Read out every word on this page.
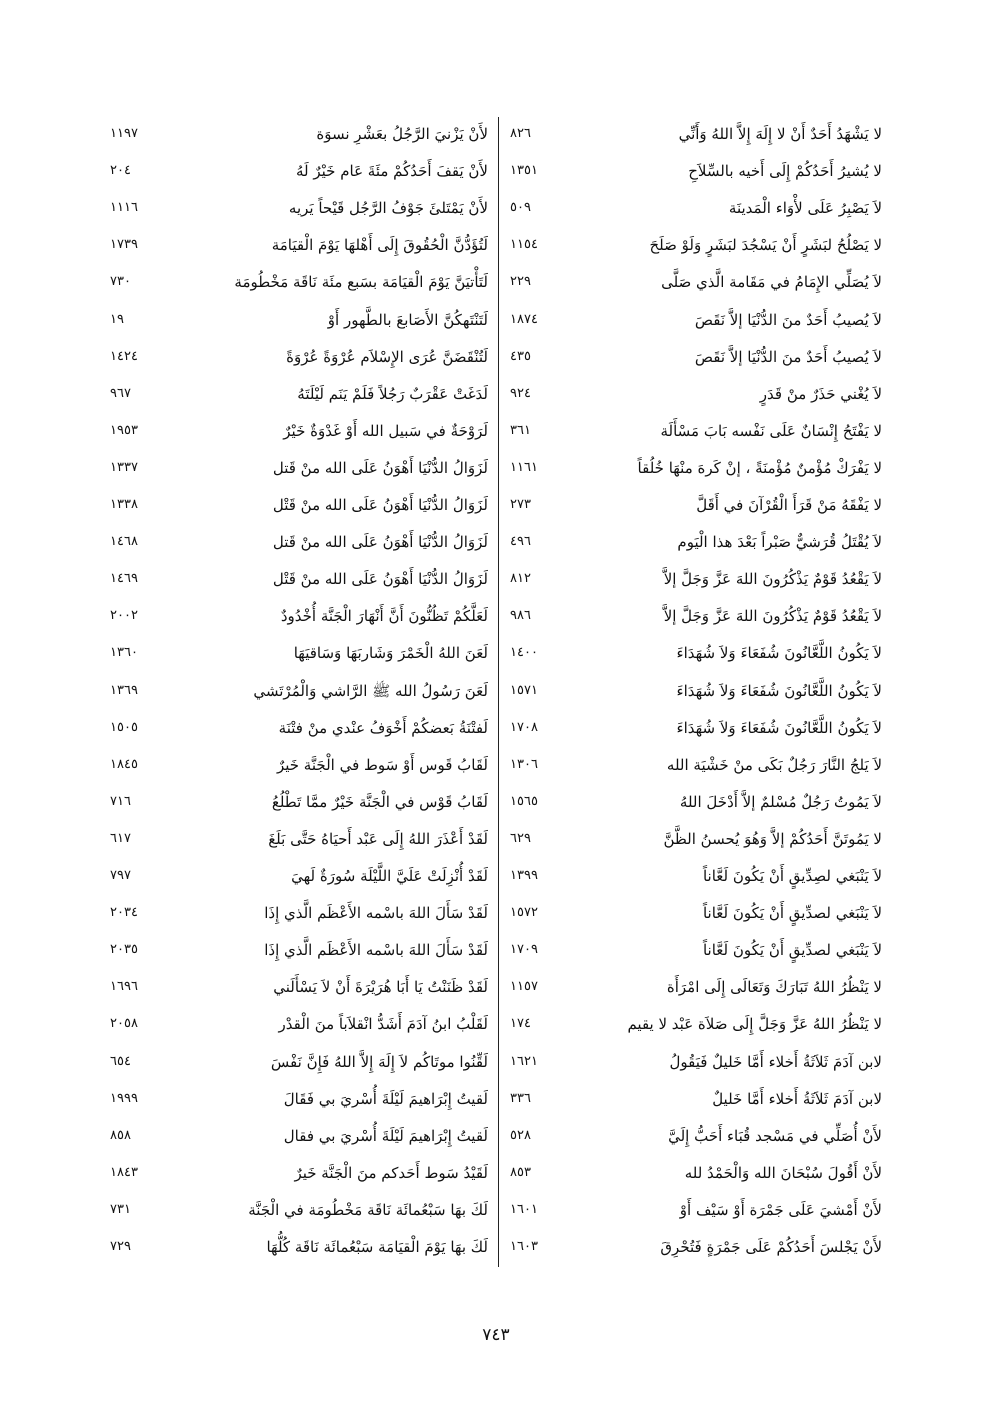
٨٢٦	لا يَشْهَدُ أَحَدٌ أَنْ لا إِلَهَ إِلاَّ اللهُ وَأَنِّي
١٣٥١	لا يُشيرُ أَحَدُكُمْ إِلَى أَخيه بالسِّلاَحِ
٥٠٩	لاَ يَصْبِرُ عَلَى لأْوَاء الْمَدينَة
١١٥٤	لا يَصْلُحُ لبَشَرٍ أَنْ يَسْجُدَ لبَشَرٍ وَلَوْ صَلَحَ
٢٢٩	لاَ يُصَلِّي الإِمَامُ في مَقَامة الَّذي صَلَّى
١٨٧٤	لاَ يُصيبُ أَحَدٌ منَ الدُّنْيَا إلاَّ نَقَصَ
٤٣٥	لاَ يُصيبُ أَحَدٌ منَ الدُّنْيَا إلاَّ نَقَصَ
٩٢٤	لاَ يُغْني حَذَرٌ منْ قَدَرٍ
٣٦١	لا يَفْتَحُ إِنْسَانٌ عَلَى نَفْسه بَابَ مَسْأَلَة
١١٦١	لا يَفْرَكْ مُؤْمنٌ مُؤْمنَةً ، إنْ كَرهَ منْهَا خُلُقاً
٢٧٣	لا يَفْقَهُ مَنْ قَرَأَ الْقُرْآنَ في أَقَلَّ
٤٩٦	لاَ يُقْتَلُ قُرَشيٌّ صَبْراً بَعْدَ هذا الْيَوم
٨١٢	لاَ يَقْعُدُ قَوْمٌ يَذْكُرُونَ اللهَ عَزَّ وَجَلَّ إلاَّ
٩٨٦	لاَ يَقْعُدُ قَوْمٌ يَذْكُرُونَ اللهَ عَزَّ وَجَلَّ إلاَّ
١٤٠٠	لاَ يَكُونُ اللَّعَّانُونَ شُفَعَاءَ وَلاَ شُهَدَاءَ
١٥٧١	لاَ يَكُونُ اللَّعَّانُونَ شُفَعَاءَ وَلاَ شُهَدَاءَ
١٧٠٨	لاَ يَكُونُ اللَّعَّانُونَ شُفَعَاءَ وَلاَ شُهَدَاءَ
١٣٠٦	لاَ يَلجُ النَّارَ رَجُلٌ بَكَى منْ خَشْيَة الله
١٥٦٥	لاَ يَمُوتُ رَجُلٌ مُسْلمٌ إلاَّ أَدْخَلَ اللهُ
٦٢٩	لا يَمُوتَنَّ أَحَدُكُمْ إلاَّ وَهُوَ يُحسنُ الظَّنَّ
١٣٩٩	لاَ يَنْبَغي لصِدِّيقٍ أَنْ يَكُونَ لَعَّاناً
١٥٧٢	لاَ يَنْبَغي لصدِّيقٍ أَنْ يَكُونَ لَعَّاناً
١٧٠٩	لاَ يَنْبَغي لصدِّيقٍ أَنْ يَكُونَ لَعَّاناً
١١٥٧	لا يَنْظُرُ اللهُ تَبَارَكَ وَتَعَالَى إِلَى امْرَأَة
١٧٤	لا يَنْظُرُ اللهُ عَزَّ وَجَلَّ إِلَى صَلاَة عَبْد لا يقيم
١٦٢١	لابن آدَمَ ثَلاَثَةُ أَخلاء أَمَّا خَليلٌ فَيَقُولُ
٣٣٦	لابن آدَمَ ثَلاَثَةُ أَخلاء أَمَّا خَليلٌ
٥٢٨	لأَنْ أُصَلِّي في مَسْجد قُبَاء أَحَبُّ إِلَيَّ
٨٥٣	لأَنْ أَقُولَ سُبْحَانَ الله وَالْحَمْدُ لله
١٦٠١	لأَنْ أَمْشيَ عَلَى جَمْرَة أَوْ سَيْف أَوْ
١٦٠٣	لأَنْ يَجْلسَ أَحَدُكُمْ عَلَى جَمْرَةٍ فَتُحْرِقَ
١١٩٧	لأَنْ يَزْنيَ الرَّجُلُ بعَشْرِ نسوَة
٢٠٤	لأَنْ يَقفَ أَحَدُكُمْ مئَةَ عَام خَيْرٌ لَهُ
١١١٦	لأَنْ يَمْتَلئَ جَوْفُ الرَّجُل قَيْحاً يَريه
١٧٣٩	لَتُؤَدُّنَّ الْحُقُوقَ إِلَى أَهْلهَا يَوْمَ الْقيَامَة
٧٣٠	لَتَأْتيَنَّ يَوْمَ الْقيَامَة بسَبع مئَة نَاقَة مَخْطُومَة
١٩	لَتَنْتَهكُنَّ الأَصَابعَ بالطَّهور أَوْ
١٤٢٤	لَتُنْقَضَنَّ عُرَى الإِسْلاَم عُرْوَةً عُرْوَةً
٩٦٧	لَدَغَتْ عَقْرَبٌ رَجُلاً فَلَمْ يَنَم لَيْلَتَهُ
١٩٥٣	لَرَوْحَةٌ في سَبيل الله أَوْ غَدْوَةٌ خَيْرٌ
١٣٣٧	لَزَوَالُ الدُّنْيَا أَهْوَنُ عَلَى الله منْ قَتل
١٣٣٨	لَزَوَالُ الدُّنْيَا أَهْوَنُ عَلَى الله منْ قَتْل
١٤٦٨	لَزَوَالُ الدُّنْيَا أَهْوَنُ عَلَى الله منْ قَتل
١٤٦٩	لَزَوَالُ الدُّنْيَا أَهْوَنُ عَلَى الله منْ قَتْل
٢٠٠٢	لَعَلَّكُمْ تَظُنُّونَ أَنَّ أَنْهَارَ الْجَنَّة أُخْدُودٌ
١٣٦٠	لَعَنَ اللهُ الْخَمْرَ وَشَاربَهَا وَسَاقيَهَا
١٣٦٩	لَعَنَ رَسُولُ الله ﷺ الرَّاشي وَالْمُرْتَشي
١٥٠٥	لَفتْنَةُ بَعضكُمْ أَخْوَفُ عنْدي منْ فتْنَة
١٨٤٥	لَقَابُ قَوس أَوْ سَوط في الْجَنَّة خَيرٌ
٧١٦	لَقَابُ قَوْس في الْجَنَّة خَيْرٌ ممَّا تَطْلُعُ
٦١٧	لَقَدْ أَعْذَرَ اللهُ إِلَى عَبْد أَحيَاهُ حَتَّى بَلَغَ
٧٩٧	لَقَدْ أُنْزِلَتْ عَلَيَّ اللَّيْلَة سُورَةٌ لَهيَ
٢٠٣٤	لَقَدْ سَأَلَ اللهَ باسْمه الأَعْظَم الَّذي إِذَا
٢٠٣٥	لَقَدْ سَأَلَ اللهَ باسْمه الأَعْظَم الَّذي إِذَا
١٦٩٦	لَقَدْ ظَنَنْتُ يَا أَبَا هُرَيْرَةَ أَنْ لاَ يَسْأَلَني
٢٠٥٨	لَقَلْبُ ابنُ آدَمَ أَشَدُّ انْقلاَباً منَ الْقدْر
٦٥٤	لَقِّنُوا موتَاكُم لاَ إِلَهَ إِلاَّ اللهُ فَإِنَّ نَفْسَ
١٩٩٩	لَقيتُ إِبْرَاهيمَ لَيْلَةَ أُسْريَ بي فَقَالَ
٨٥٨	لَقيتُ إِبْرَاهيمَ لَيْلَةَ أُسْريَ بي فقال
١٨٤٣	لَقَيْدُ سَوط أَحَدكم منَ الْجَنَّة خَيرٌ
٧٣١	لَكَ بهَا سَبْعُمائَة نَاقَة مَخْطُومَة في الْجَنَّة
٧٢٩	لَكَ بهَا يَوْمَ الْقيَامَة سَبْعُمائَة نَاقَة كُلُّهَا
٧٤٣
